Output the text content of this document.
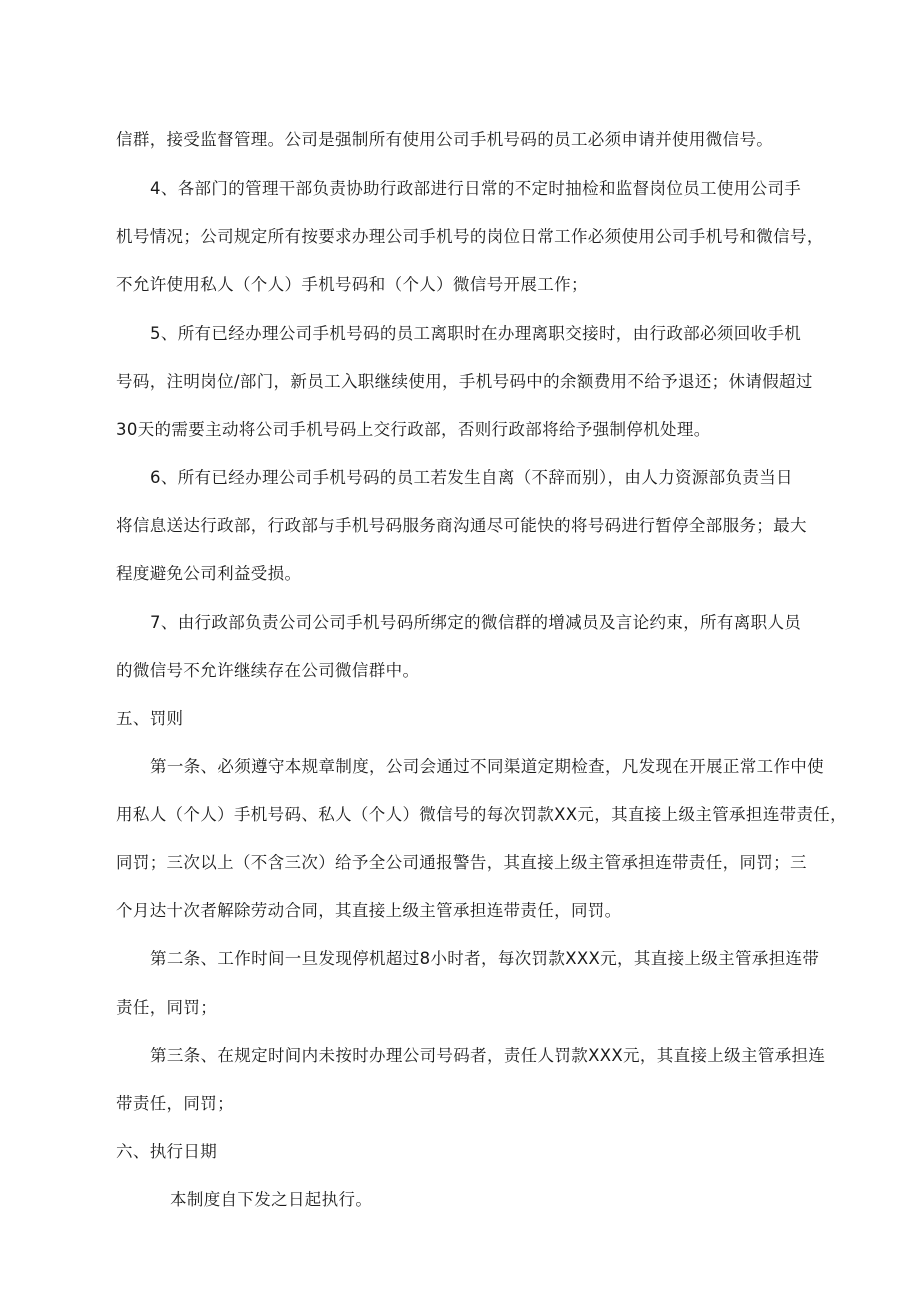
信群，接受监督管理。公司是强制所有使用公司手机号码的员工必须申请并使用微信号。
4、各部门的管理干部负责协助行政部进行日常的不定时抽检和监督岗位员工使用公司手
机号情况；公司规定所有按要求办理公司手机号的岗位日常工作必须使用公司手机号和微信号，
不允许使用私人（个人）手机号码和（个人）微信号开展工作；
5、所有已经办理公司手机号码的员工离职时在办理离职交接时，由行政部必须回收手机
号码，注明岗位/部门，新员工入职继续使用，手机号码中的余额费用不给予退还；休请假超过
30天的需要主动将公司手机号码上交行政部，否则行政部将给予强制停机处理。
6、所有已经办理公司手机号码的员工若发生自离（不辞而别），由人力资源部负责当日
将信息送达行政部，行政部与手机号码服务商沟通尽可能快的将号码进行暂停全部服务；最大
程度避免公司利益受损。
7、由行政部负责公司公司手机号码所绑定的微信群的增减员及言论约束，所有离职人员
的微信号不允许继续存在公司微信群中。
五、罚则
第一条、必须遵守本规章制度，公司会通过不同渠道定期检查，凡发现在开展正常工作中使
用私人（个人）手机号码、私人（个人）微信号的每次罚款XX元，其直接上级主管承担连带责任，
同罚；三次以上（不含三次）给予全公司通报警告，其直接上级主管承担连带责任，同罚；三
个月达十次者解除劳动合同，其直接上级主管承担连带责任，同罚。
第二条、工作时间一旦发现停机超过8小时者，每次罚款XXX元，其直接上级主管承担连带
责任，同罚；
第三条、在规定时间内未按时办理公司号码者，责任人罚款XXX元，其直接上级主管承担连
带责任，同罚；
六、执行日期
本制度自下发之日起执行。
